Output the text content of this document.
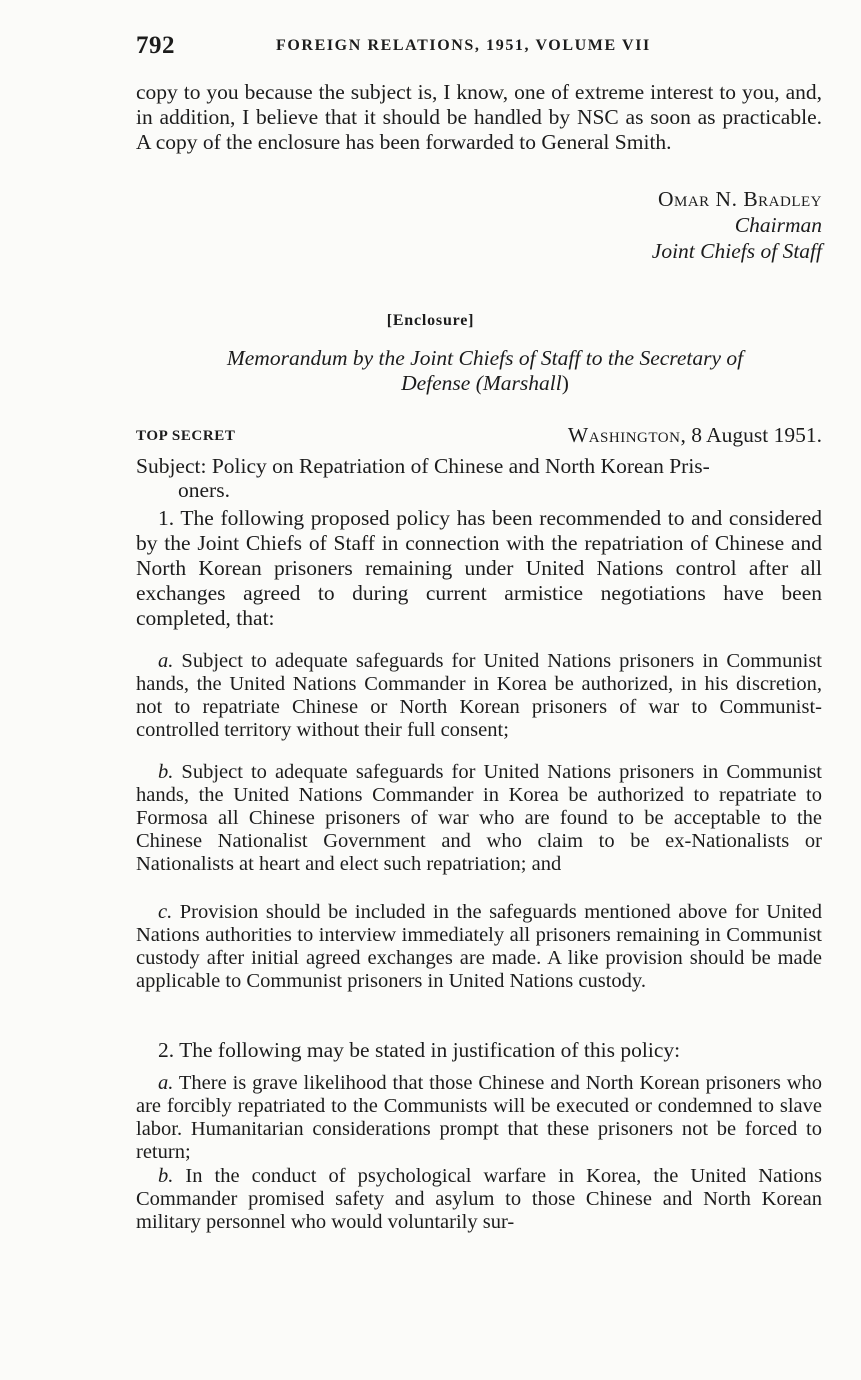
792	FOREIGN RELATIONS, 1951, VOLUME VII
copy to you because the subject is, I know, one of extreme interest to you, and, in addition, I believe that it should be handled by NSC as soon as practicable. A copy of the enclosure has been forwarded to General Smith.
Omar N. Bradley
Chairman
Joint Chiefs of Staff
[Enclosure]
Memorandum by the Joint Chiefs of Staff to the Secretary of
Defense (Marshall)
TOP SECRET	Washington, 8 August 1951.
Subject: Policy on Repatriation of Chinese and North Korean Pris-
oners.
1. The following proposed policy has been recommended to and considered by the Joint Chiefs of Staff in connection with the repatriation of Chinese and North Korean prisoners remaining under United Nations control after all exchanges agreed to during current armistice negotiations have been completed, that:
a. Subject to adequate safeguards for United Nations prisoners in Communist hands, the United Nations Commander in Korea be authorized, in his discretion, not to repatriate Chinese or North Korean prisoners of war to Communist-controlled territory without their full consent;
b. Subject to adequate safeguards for United Nations prisoners in Communist hands, the United Nations Commander in Korea be authorized to repatriate to Formosa all Chinese prisoners of war who are found to be acceptable to the Chinese Nationalist Government and who claim to be ex-Nationalists or Nationalists at heart and elect such repatriation; and
c. Provision should be included in the safeguards mentioned above for United Nations authorities to interview immediately all prisoners remaining in Communist custody after initial agreed exchanges are made. A like provision should be made applicable to Communist prisoners in United Nations custody.
2. The following may be stated in justification of this policy:
a. There is grave likelihood that those Chinese and North Korean prisoners who are forcibly repatriated to the Communists will be executed or condemned to slave labor. Humanitarian considerations prompt that these prisoners not be forced to return;
b. In the conduct of psychological warfare in Korea, the United Nations Commander promised safety and asylum to those Chinese and North Korean military personnel who would voluntarily sur-
